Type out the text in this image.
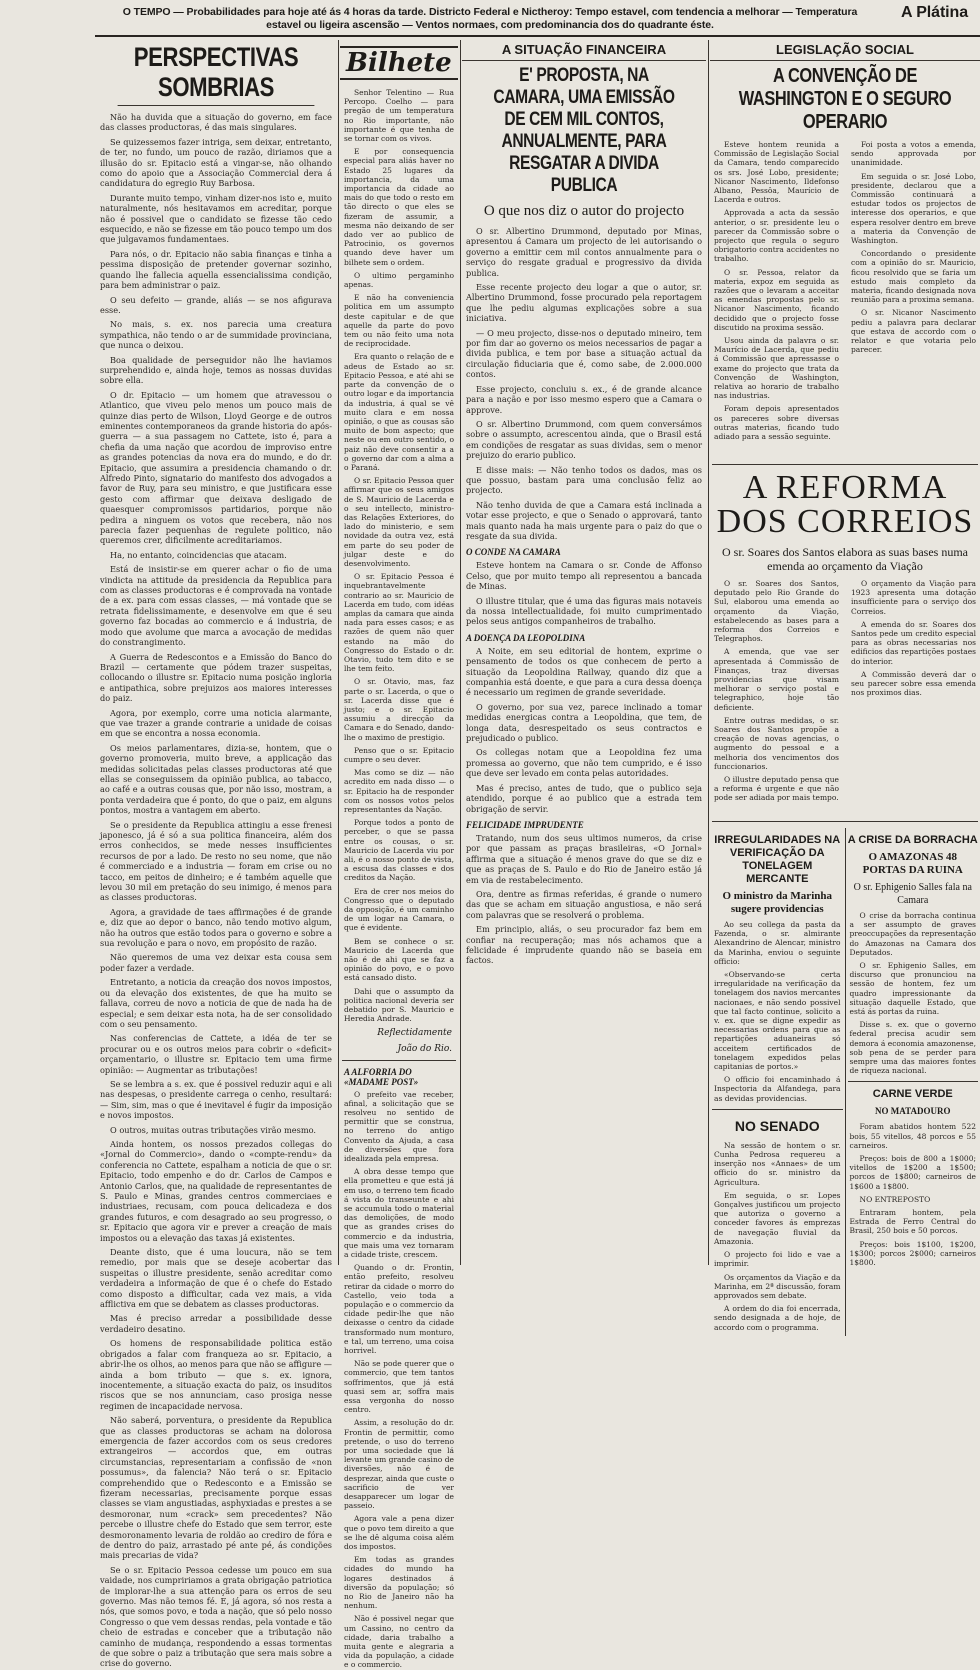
O TEMPO — Probabilidades para hoje até ás 4 horas da tarde. Districto Federal e Nictheroy: Tempo estavel, com tendencia a melhorar — Temperatura
estavel ou ligeira ascensão — Ventos normaes, com predominancia dos do quadrante éste.
A Plátina
PERSPECTIVAS SOMBRIAS

Não ha duvida que a situação do governo, em face das classes productoras, é das mais singulares.

Se quizessemos fazer intriga, sem deixar, entretanto, de ter, no fundo, um pouco de razão, diriamos que a illusão do sr. Epitacio está a vingar-se, não olhando como do apoio que a Associação Commercial dera á candidatura do egregio Ruy Barbosa.

Durante muito tempo, vinham dizer-nos isto e, muito naturalmente, nós hesitavamos em acreditar, porque não é possivel que o candidato se fizesse tão cedo esquecido, e não se fizesse em tão pouco tempo um dos que julgavamos fundamentaes.

Para nós, o dr. Epitacio não sabia finanças e tinha a pessima disposição de pretender governar sozinho, quando lhe fallecia aquella essencialissima condição, para bem administrar o paiz.

O seu defeito — grande, aliás — se nos afigurava esse.

No mais, s. ex. nos parecia uma creatura sympathica, não tendo o ar de summidade provinciana, que nunca o deixou.

Boa qualidade de perseguidor não lhe haviamos surprehendido e, ainda hoje, temos as nossas duvidas sobre ella.

O dr. Epitacio — um homem que atravessou o Atlantico, que viveu pelo menos um pouco mais de quinze dias perto de Wilson, Lloyd George e de outros eminentes contemporaneos da grande historia do após-guerra — a sua passagem no Cattete, isto é, para a chefia da uma nação que acordou de improviso entre as grandes potencias da nova era do mundo, e do dr. Epitacio, que assumira a presidencia chamando o dr. Alfredo Pinto, signatario do manifesto dos advogados a favor de Ruy, para seu ministro, e que justificara esse gesto com affirmar que deixava desligado de quaesquer compromissos partidarios, porque não pedira a ninguem os votos que recebera, não nos parecia fazer pequenhas de regulete politico, não queremos crer, dificilmente acreditariamos.

Ha, no entanto, coincidencias que atacam.

Está de insistir-se em querer achar o fio de uma vindicta na attitude da presidencia da Republica para com as classes productoras e é comprovada na vontade de a ex. para com essas classes, — má vontade que se retrata fidelissimamente, e desenvolve em que é seu governo faz bocadas ao commercio e á industria, de modo que avolume que marca a avocação de medidas do constrangimento.

A Guerra de Redescontos e a Emissão do Banco do Brazil — certamente que pódem trazer suspeitas, collocando o illustre sr. Epitacio numa posição ingloria e antipathica, sobre prejuizos aos maiores interesses do paiz.

Agora, por exemplo, corre uma noticia alarmante, que vae trazer a grande contrarie a unidade de coisas em que se encontra a nossa economia.

Os meios parlamentares, dizia-se, hontem, que o governo promoveria, muito breve, a applicação das medidas solicitadas pelas classes productoras até que ellas se conseguissem da opinião publica, ao tabacco, ao café e a outras cousas que, por não isso, mostram, a ponta verdadeira que é ponto, do que o paiz, em alguns pontos, mostra a vantagem em aberto.

Se o presidente da Republica attingiu a esse frenesi japonesco, já é só a sua politica financeira, além dos erros conhecidos, se mede nesses insufficientes recursos de por a lado. De resto no seu nome, que não é commerciado e a industria — foram em crise ou no tacco, em peitos de dinheiro; e é também aquelle que levou 30 mil em pretação do seu inimigo, é menos para as classes productoras.

Agora, a gravidade de taes affirmações é de grande e, diz que ao depor o banco, não tendo motivo algum, não ha outros que estão todos para o governo e sobre a sua revolução e para o novo, em propósito de razão.

Não queremos de uma vez deixar esta cousa sem poder fazer a verdade.

Entretanto, a noticia da creação dos novos impostos, ou da elevação dos existentes, de que ha muito se fallava, correu de novo a noticia de que de nada ha de especial; e sem deixar esta nota, ha de ser consolidado com o seu pensamento.

Nas conferencias de Cattete, a idéa de ter se procurar ou e os outros meios para cobrir o «deficit» orçamentario, o illustre sr. Epitacio tem uma firme opinião: — Augmentar as tributações!

Se se lembra a s. ex. que é possivel reduzir aqui e ali nas despesas, o presidente carrega o cenho, resultará: — Sim, sim, mas o que é inevitavel é fugir da imposição e novos impostos.

O outros, muitas outras tributações virão mesmo.

Ainda hontem, os nossos prezados collegas do «Jornal do Commercio», dando o «compte-rendu» da conferencia no Cattete, espalham a noticia de que o sr. Epitacio, todo empenho e do dr. Carlos de Campos e Antonio Carlos, que, na qualidade de representantes de S. Paulo e Minas, grandes centros commerciaes e industriaes, recusam, com pouca delicadeza e dos grandes futuros, e com desagrado ao seu progresso, o sr. Epitacio que agora vir e prever a creação de mais impostos ou a elevação das taxas já existentes.

Deante disto, que é uma loucura, não se tem remedio, por mais que se deseje acobertar das suspeitas o illustre presidente, senão acreditar como verdadeira a informação de que é o chefe do Estado como disposto a difficultar, cada vez mais, a vida afflictiva em que se debatem as classes productoras.

Mas é preciso arredar a possibilidade desse verdadeiro desatino.

Os homens de responsabilidade politica estão obrigados a falar com franqueza ao sr. Epitacio, a abrir-lhe os olhos, ao menos para que não se affigure — ainda a bom tributo — que s. ex. ignora, inocentemente, a situação exacta do paiz, os insuditos riscos que se nos annunciam, caso prosiga nesse regimen de incapacidade nervosa.

Não saberá, porventura, o presidente da Republica que as classes productoras se acham na dolorosa emergencia de fazer accordos com os seus credores extrangeiros — accordos que, em outras circumstancias, representariam a confissão de «non possumus», da falencia? Não terá o sr. Epitacio comprehendido que o Redesconto e a Emissão se fizeram necessarias, precisamente porque essas classes se viam angustiadas, asphyxiadas e prestes a se desmoronar, num «crack» sem precedentes? Não percebe o illustre chefe do Estado que sem terror, este desmoronamento levaria de roldão ao crediro de fóra e de dentro do paiz, arrastado pé ante pé, ás condições mais precarias de vida?

Se o sr. Epitacio Pessoa cedesse um pouco em sua vaidade, nos cumpririamos a grata obrigação patriotica de implorar-lhe a sua attenção para os erros de seu governo. Mas não temos fé. E, já agora, só nos resta a nós, que somos povo, e toda a nação, que só pelo nosso Congresso o que vem dessas rendas, pela vontade e tão cheio de estradas e conceber que a tributação não caminho de mudança, respondendo a essas tormentas de que sobre o paiz a tributação que sera mais sobre a crise do governo.

Bilhete

Senhor Telentino — Rua Percopo. Coelho — para pregão de um temperatura no Rio importante, não importante é que tenha de se tornar com os vivos.

E por consequencia especial para aliás haver no Estado 25 lugares da importancia, da uma importancia da cidade ao mais do que todo o resto em tão directo o que eles se fizeram de assumir, a mesma não deixando de ser dado ver ao publico de Patrocinio, os governos quando deve haver um bilhete sem o ordem.

O ultimo pergaminho apenas.

E não ha conveniencia politica em um assumpto deste capitular e de que aquelle da parte do povo tem ou não feito uma nota de reciprocidade.

Era quanto o relação de e adeus de Estado ao sr. Epitacio Pessoa, e até ahi se parte da convenção de o outro logar e da importancia da industria, á qual se vê muito clara e em nossa opinião, o que as cousas são muito de bom aspecto; que neste ou em outro sentido, o paiz não deve consentir a a o governo dar com a alma a o Paraná.

O sr. Epitacio Pessoa quer affirmar que os seus amigos de S. Mauricio de Lacerda e o seu intellecto, ministro-das Relações Exteriores, do lado do ministerio, e sem novidade da outra vez, está em parte do seu poder de julgar deste e do desenvolvimento.

O sr. Epitacio Pessoa é inquebrantavelmente contrario ao sr. Mauricio de Lacerda em tudo, com idéas amplas da camara que ainda nada para esses casos; e as razões de quem não quer estando na mão do Congresso do Estado o dr. Otavio, tudo tem dito e se lhe tem feito.

O sr. Otavio, mas, faz parte o sr. Lacerda, o que o sr. Lacerda disse que é justo; e o sr. Epitacio assumiu a direcção da Camara e do Senado, dando-lhe o maximo de prestigio.

Penso que o sr. Epitacio cumpre o seu dever.

Mas como se diz — não acredito em nada disso — o sr. Epitacio ha de responder com os nossos votos pelos representantes da Nação.

Porque todos a ponto de perceber, o que se passa entre os cousas, o sr. Mauricio de Lacerda viu por ali, é o nosso ponto de vista, a escusa das classes e dos creditos da Nação.

Era de crer nos meios do Congresso que o deputado da opposição, é um caminho de um logar na Camara, o que é evidente.

Bem se conhece o sr. Mauricio de Lacerda que não é de ahi que se faz a opinião do povo, e o povo está cansado disto.

Dahi que o assumpto da politica nacional deveria ser debatido por S. Mauricio e Heredia Andrade.

Reflectidamente
João do Rio.
A ALFORRIA DO «MADAME POST»

O prefeito vae receber, afinal, a solicitação que se resolveu no sentido de permittir que se construa, no terreno do antigo Convento da Ajuda, a casa de diversões que fora idealizada pela empresa.

A obra desse tempo que ella prometteu e que está já em uso, o terreno tem ficado á vista do transeunte e ahi se accumula todo o material das demolições, de modo que as grandes crises do commercio e da industria, que mais uma vez tornaram a cidade triste, crescem.

Quando o dr. Frontin, então prefeito, resolveu retirar da cidade o morro do Castello, veio toda a população e o commercio da cidade pedir-lhe que não deixasse o centro da cidade transformado num monturo, e tal, um terreno, uma coisa horrivel.

Não se pode querer que o commercio, que tem tantos soffrimentos, que já está quasi sem ar, soffra mais essa vergonha do nosso centro.

Assim, a resolução do dr. Frontin de permittir, como pretende, o uso do terreno por uma sociedade que lá levante um grande casino de diversões, não é de desprezar, ainda que custe o sacrificio de ver desapparecer um logar de passeio.

Agora vale a pena dizer que o povo tem direito a que se lhe dê alguma coisa além dos impostos.

Em todas as grandes cidades do mundo ha logares destinados á diversão da população; só no Rio de Janeiro não ha nenhum.

Não é possivel negar que um Cassino, no centro da cidade, daria trabalho a muita gente e alegraria a vida da população, a cidade e o commercio.

A SITUAÇÃO FINANCEIRA
E' PROPOSTA, NA CAMARA, UMA EMISSÃO DE CEM MIL CONTOS, ANNUALMENTE, PARA RESGATAR A DIVIDA PUBLICA
O que nos diz o autor do projecto

O sr. Albertino Drummond, deputado por Minas, apresentou á Camara um projecto de lei autorisando o governo a emittir cem mil contos annualmente para o serviço do resgate gradual e progressivo da divida publica.

Esse recente projecto deu logar a que o autor, sr. Albertino Drummond, fosse procurado pela reportagem que lhe pediu algumas explicações sobre a sua iniciativa.

— O meu projecto, disse-nos o deputado mineiro, tem por fim dar ao governo os meios necessarios de pagar a divida publica, e tem por base a situação actual da circulação fiduciaria que é, como sabe, de 2.000.000 contos.

Esse projecto, concluiu s. ex., é de grande alcance para a nação e por isso mesmo espero que a Camara o approve.

O sr. Albertino Drummond, com quem conversámos sobre o assumpto, acrescentou ainda, que o Brasil está em condições de resgatar as suas dividas, sem o menor prejuizo do erario publico.

E disse mais: — Não tenho todos os dados, mas os que possuo, bastam para uma conclusão feliz ao projecto.

Não tenho duvida de que a Camara está inclinada a votar esse projecto, e que o Senado o approvará, tanto mais quanto nada ha mais urgente para o paiz do que o resgate da sua divida.

O CONDE NA CAMARA

Esteve hontem na Camara o sr. Conde de Affonso Celso, que por muito tempo ali representou a bancada de Minas.

O illustre titular, que é uma das figuras mais notaveis da nossa intellectualidade, foi muito cumprimentado pelos seus antigos companheiros de trabalho.

A DOENÇA DA LEOPOLDINA

A Noite, em seu editorial de hontem, exprime o pensamento de todos os que conhecem de perto a situação da Leopoldina Railway, quando diz que a companhia está doente, e que para a cura dessa doença é necessario um regimen de grande severidade.

O governo, por sua vez, parece inclinado a tomar medidas energicas contra a Leopoldina, que tem, de longa data, desrespeitado os seus contractos e prejudicado o publico.

Os collegas notam que a Leopoldina fez uma promessa ao governo, que não tem cumprido, e é isso que deve ser levado em conta pelas autoridades.

Mas é preciso, antes de tudo, que o publico seja atendido, porque é ao publico que a estrada tem obrigação de servir.

FELICIDADE IMPRUDENTE

Tratando, num dos seus ultimos numeros, da crise por que passam as praças brasileiras, «O Jornal» affirma que a situação é menos grave do que se diz e que as praças de S. Paulo e do Rio de Janeiro estão já em via de restabelecimento.

Ora, dentre as firmas referidas, é grande o numero das que se acham em situação angustiosa, e não será com palavras que se resolverá o problema.

Em principio, aliás, o seu procurador faz bem em confiar na recuperação; mas nós achamos que a felicidade é imprudente quando não se baseia em factos.

LEGISLAÇÃO SOCIAL
A CONVENÇÃO DE WASHINGTON E O SEGURO OPERARIO

Esteve hontem reunida a Commissão de Legislação Social da Camara, tendo comparecido os srs. José Lobo, presidente; Nicanor Nascimento, Ildefonso Albano, Pessôa, Maurício de Lacerda e outros.

Approvada a acta da sessão anterior, o sr. presidente leu o parecer da Commissão sobre o projecto que regula o seguro obrigatorio contra accidentes no trabalho.

O sr. Pessoa, relator da materia, expoz em seguida as razões que o levaram a acceitar as emendas propostas pelo sr. Nicanor Nascimento, ficando decidido que o projecto fosse discutido na proxima sessão.

Usou ainda da palavra o sr. Maurício de Lacerda, que pediu á Commissão que apressasse o exame do projecto que trata da Convenção de Washington, relativa ao horario de trabalho nas industrias.

Foram depois apresentados os pareceres sobre diversas outras materias, ficando tudo adiado para a sessão seguinte.

Foi posta a votos a emenda, sendo approvada por unanimidade.

Em seguida o sr. José Lobo, presidente, declarou que a Commissão continuará a estudar todos os projectos de interesse dos operarios, e que espera resolver dentro em breve a materia da Convenção de Washington.

Concordando o presidente com a opinião do sr. Mauricio, ficou resolvido que se faria um estudo mais completo da materia, ficando designada nova reunião para a proxima semana.

O sr. Nicanor Nascimento pediu a palavra para declarar que estava de accordo com o relator e que votaria pelo parecer.

A REFORMA DOS CORREIOS
O sr. Soares dos Santos elabora as suas bases numa emenda ao orçamento da Viação

O sr. Soares dos Santos, deputado pelo Rio Grande do Sul, elaborou uma emenda ao orçamento da Viação, estabelecendo as bases para a reforma dos Correios e Telegraphos.

A emenda, que vae ser apresentada á Commissão de Finanças, traz diversas providencias que visam melhorar o serviço postal e telegraphico, hoje tão deficiente.

Entre outras medidas, o sr. Soares dos Santos propõe a creação de novas agencias, o augmento do pessoal e a melhoria dos vencimentos dos funccionarios.

O illustre deputado pensa que a reforma é urgente e que não pode ser adiada por mais tempo.

O orçamento da Viação para 1923 apresenta uma dotação insufficiente para o serviço dos Correios.

A emenda do sr. Soares dos Santos pede um credito especial para as obras necessarias nos edificios das repartições postaes do interior.

A Commissão deverá dar o seu parecer sobre essa emenda nos proximos dias.

IRREGULARIDADES NA VERIFICAÇÃO DA TONELAGEM MERCANTE
O ministro da Marinha sugere providencias

Ao seu collega da pasta da Fazenda, o sr. almirante Alexandrino de Alencar, ministro da Marinha, enviou o seguinte officio:

«Observando-se certa irregularidade na verificação da tonelagem dos navios mercantes nacionaes, e não sendo possivel que tal facto continue, solicito a v. ex. que se digne expedir as necessarias ordens para que as repartições aduaneiras só acceitem certificados de tonelagem expedidos pelas capitanias de portos.»

O officio foi encaminhado á Inspectoria da Alfandega, para as devidas providencias.

NO SENADO

Na sessão de hontem o sr. Cunha Pedrosa requereu a inserção nos «Annaes» de um officio do sr. ministro da Agricultura.

Em seguida, o sr. Lopes Gonçalves justificou um projecto que autoriza o governo a conceder favores ás emprezas de navegação fluvial da Amazonia.

O projecto foi lido e vae a imprimir.

Os orçamentos da Viação e da Marinha, em 2ª discussão, foram approvados sem debate.

A ordem do dia foi encerrada, sendo designada a de hoje, de accordo com o programma.

A CRISE DA BORRACHA
O AMAZONAS 48 PORTAS DA RUINA
O sr. Ephigenio Salles fala na Camara

O crise da borracha continua a ser assumpto de graves preoccupações da representação do Amazonas na Camara dos Deputados.

O sr. Ephigenio Salles, em discurso que pronunciou na sessão de hontem, fez um quadro impressionante da situação daquelle Estado, que está ás portas da ruina.

Disse s. ex. que o governo federal precisa acudir sem demora á economia amazonense, sob pena de se perder para sempre uma das maiores fontes de riqueza nacional.

CARNE VERDE
NO MATADOURO

Foram abatidos hontem 522 bois, 55 vitellos, 48 porcos e 55 carneiros.

Preços: bois de 800 a 1$000; vitellos de 1$200 a 1$500; porcos de 1$800; carneiros de 1$600 a 1$800.

NO ENTREPOSTO

Entraram hontem, pela Estrada de Ferro Central do Brasil, 250 bois e 50 porcos.

Preços: bois 1$100, 1$200, 1$300; porcos 2$000; carneiros 1$800.
